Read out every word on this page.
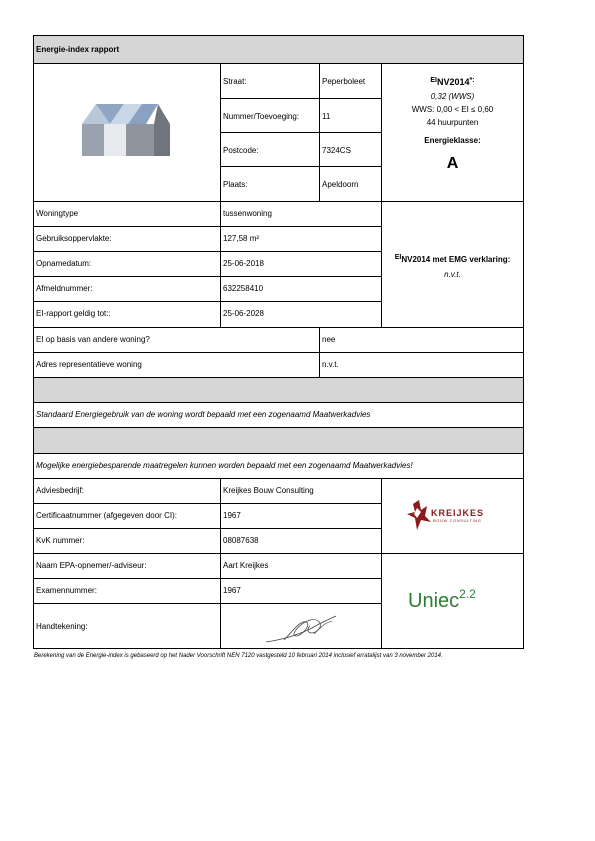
Energie-index rapport
Straat:	Peperboleet
Nummer/Toevoeging:	11
Postcode:	7324CS
Plaats:	Apeldoorn
$^{EI}$NV2014*:
0,32 (WWS)
WWS: 0,00 < EI ≤ 0,60
44 huurpunten
Energieklasse:
A
Woningtype	tussenwoning
Gebruiksoppervlakte:	127,58 m²
Opnamedatum:	25-06-2018
Afmeldnummer:	632258410
EI-rapport geldig tot::	25-06-2028
EINV2014 met EMG verklaring:
n.v.t.
EI op basis van andere woning?	nee
Adres representatieve woning	n.v.t.
Standaard Energiegebruik van de woning wordt bepaald met een zogenaamd Maatwerkadvies
Mogelijke energiebesparende maatregelen kunnen worden bepaald met een zogenaamd Maatwerkadvies!
Adviesbedrijf:	Kreijkes Bouw Consulting
Certificaatnummer (afgegeven door CI):	1967
KvK nummer:	08087638
Naam EPA-opnemer/-adviseur:	Aart Kreijkes
Examennummer:	1967
Handtekening:
KREIJKES
BOUW CONSULTING
Uniec$^{2.2}$
Berekening van de Energie-index is gebaseerd op het Nader Voorschrift NEN 7120 vastgesteld 10 februari 2014 inclusief erratalijst van 3 november 2014.
